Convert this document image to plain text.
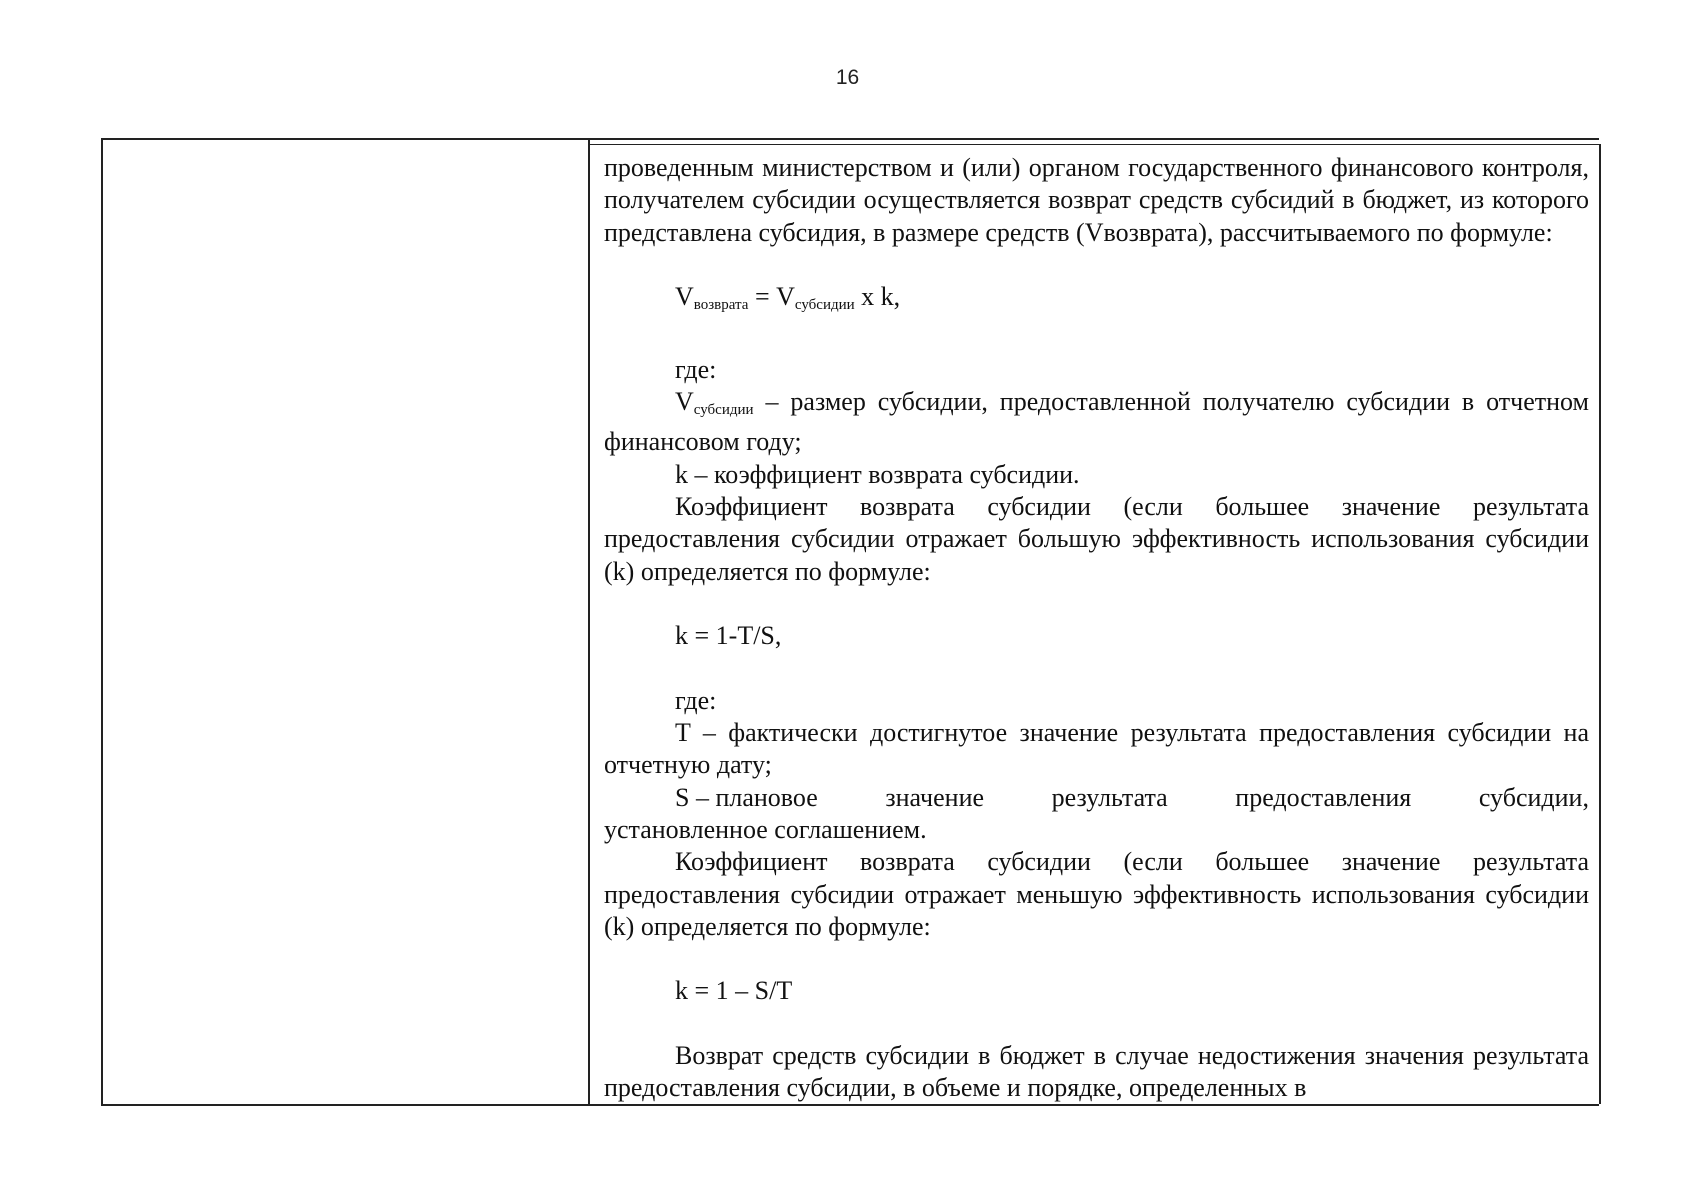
16

проведенным министерством и (или) органом государственного финансового контроля, получателем субсидии осуществляется возврат средств субсидий в бюджет, из которого представлена субсидия, в размере средств (Vвозврата), рассчитываемого по формуле:

$V_{возврата} = V_{субсидии}$ x k,

где:

$V_{субсидии}$ – размер субсидии, предоставленной получателю субсидии в отчетном финансовом году;

k – коэффициент возврата субсидии.

Коэффициент возврата субсидии (если большее значение результата предоставления субсидии отражает большую эффективность использования субсидии (k) определяется по формуле:

k = 1-T/S,

где:

T – фактически достигнутое значение результата предоставления субсидии на отчетную дату;

S – плановое	значение	результата	предоставления	субсидии,

установленное соглашением.

Коэффициент возврата субсидии (если большее значение результата предоставления субсидии отражает меньшую эффективность использования субсидии (k) определяется по формуле:

k = 1 – S/T

Возврат средств субсидии в бюджет в случае недостижения значения результата предоставления субсидии, в объеме и порядке, определенных в
